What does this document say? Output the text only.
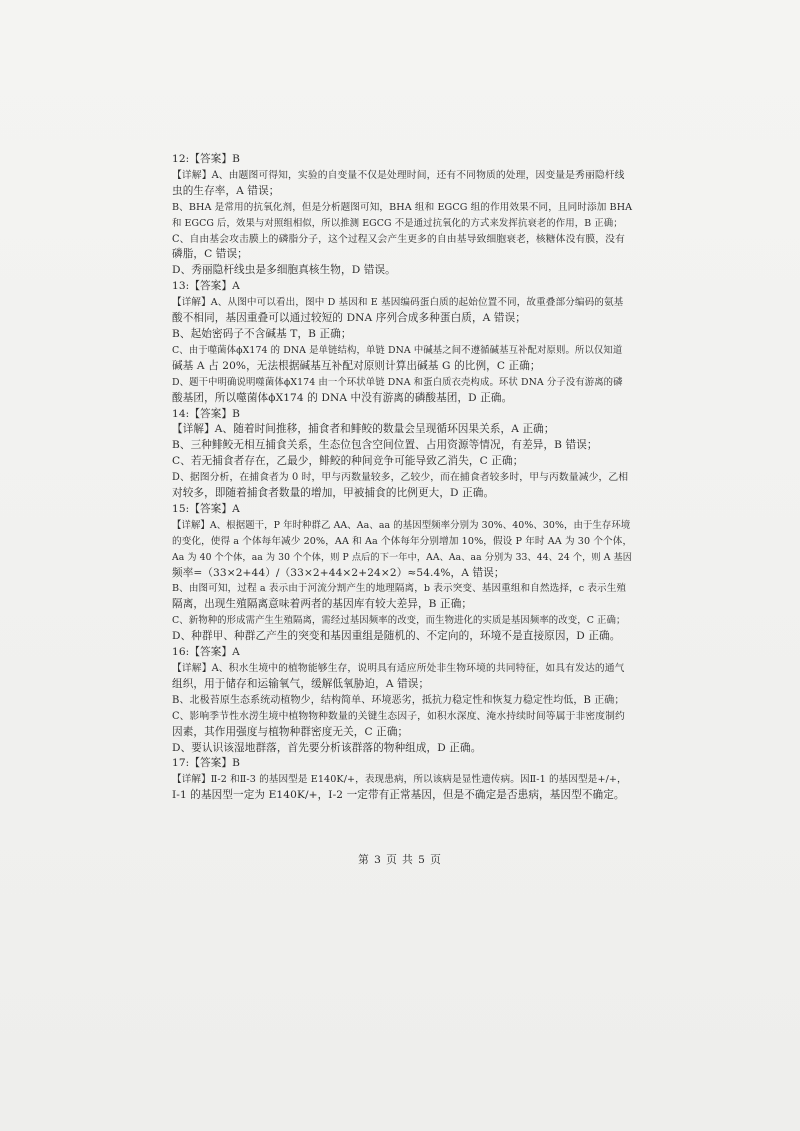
12:【答案】B
【详解】A、由题图可得知，实验的自变量不仅是处理时间，还有不同物质的处理，因变量是秀丽隐杆线
虫的生存率，A 错误；
B、BHA 是常用的抗氧化剂，但是分析题图可知，BHA 组和 EGCG 组的作用效果不同，且同时添加 BHA
和 EGCG 后，效果与对照组相似，所以推测 EGCG 不是通过抗氧化的方式来发挥抗衰老的作用，B 正确；
C、自由基会攻击膜上的磷脂分子，这个过程又会产生更多的自由基导致细胞衰老，核糖体没有膜，没有
磷脂，C 错误；
D、秀丽隐杆线虫是多细胞真核生物，D 错误。
13:【答案】A
【详解】A、从图中可以看出，图中 D 基因和 E 基因编码蛋白质的起始位置不同，故重叠部分编码的氨基
酸不相同，基因重叠可以通过较短的 DNA 序列合成多种蛋白质，A 错误；
B、起始密码子不含碱基 T，B 正确；
C、由于噬菌体ϕX174 的 DNA 是单链结构，单链 DNA 中碱基之间不遵循碱基互补配对原则。所以仅知道
碱基 A 占 20%，无法根据碱基互补配对原则计算出碱基 G 的比例，C 正确；
D、题干中明确说明噬菌体ϕX174 由一个环状单链 DNA 和蛋白质衣壳构成。环状 DNA 分子没有游离的磷
酸基团，所以噬菌体ϕX174 的 DNA 中没有游离的磷酸基团，D 正确。
14:【答案】B
【详解】A、随着时间推移，捕食者和鲱鲛的数量会呈现循环因果关系，A 正确；
B、三种鲱鲛无相互捕食关系，生态位包含空间位置、占用资源等情况，有差异，B 错误；
C、若无捕食者存在，乙最少，鲱鲛的种间竞争可能导致乙消失，C 正确；
D、据图分析，在捕食者为 0 时，甲与丙数量较多，乙较少，而在捕食者较多时，甲与丙数量减少，乙相
对较多，即随着捕食者数量的增加，甲被捕食的比例更大，D 正确。
15:【答案】A
【详解】A、根据题干，P 年时种群乙 AA、Aa、aa 的基因型频率分别为 30%、40%、30%，由于生存环境
的变化，使得 a 个体每年减少 20%，AA 和 Aa 个体每年分别增加 10%，假设 P 年时 AA 为 30 个个体，
Aa 为 40 个个体，aa 为 30 个个体，则 P 点后的下一年中，AA、Aa、aa 分别为 33、44、24 个，则 A 基因
频率=（33×2+44）/（33×2+44×2+24×2）≈54.4%，A 错误；
B、由图可知，过程 a 表示由于河流分割产生的地理隔离，b 表示突变、基因重组和自然选择，c 表示生殖
隔离，出现生殖隔离意味着两者的基因库有较大差异，B 正确；
C、新物种的形成需产生生殖隔离，需经过基因频率的改变，而生物进化的实质是基因频率的改变，C 正确；
D、种群甲、种群乙产生的突变和基因重组是随机的、不定向的，环境不是直接原因，D 正确。
16:【答案】A
【详解】A、积水生境中的植物能够生存，说明具有适应所处非生物环境的共同特征，如具有发达的通气
组织，用于储存和运输氧气，缓解低氧胁迫，A 错误；
B、北极苔原生态系统动植物少，结构简单、环境恶劣，抵抗力稳定性和恢复力稳定性均低，B 正确；
C、影响季节性水涝生境中植物物种数量的关键生态因子，如积水深度、淹水持续时间等属于非密度制约
因素，其作用强度与植物种群密度无关，C 正确；
D、要认识该湿地群落，首先要分析该群落的物种组成，D 正确。
17:【答案】B
【详解】Ⅱ-2 和Ⅱ-3 的基因型是 E140K/+，表现患病，所以该病是显性遗传病。因Ⅱ-1 的基因型是+/+，
Ⅰ-1 的基因型一定为 E140K/+，Ⅰ-2 一定带有正常基因，但是不确定是否患病，基因型不确定。
第 3 页 共 5 页
